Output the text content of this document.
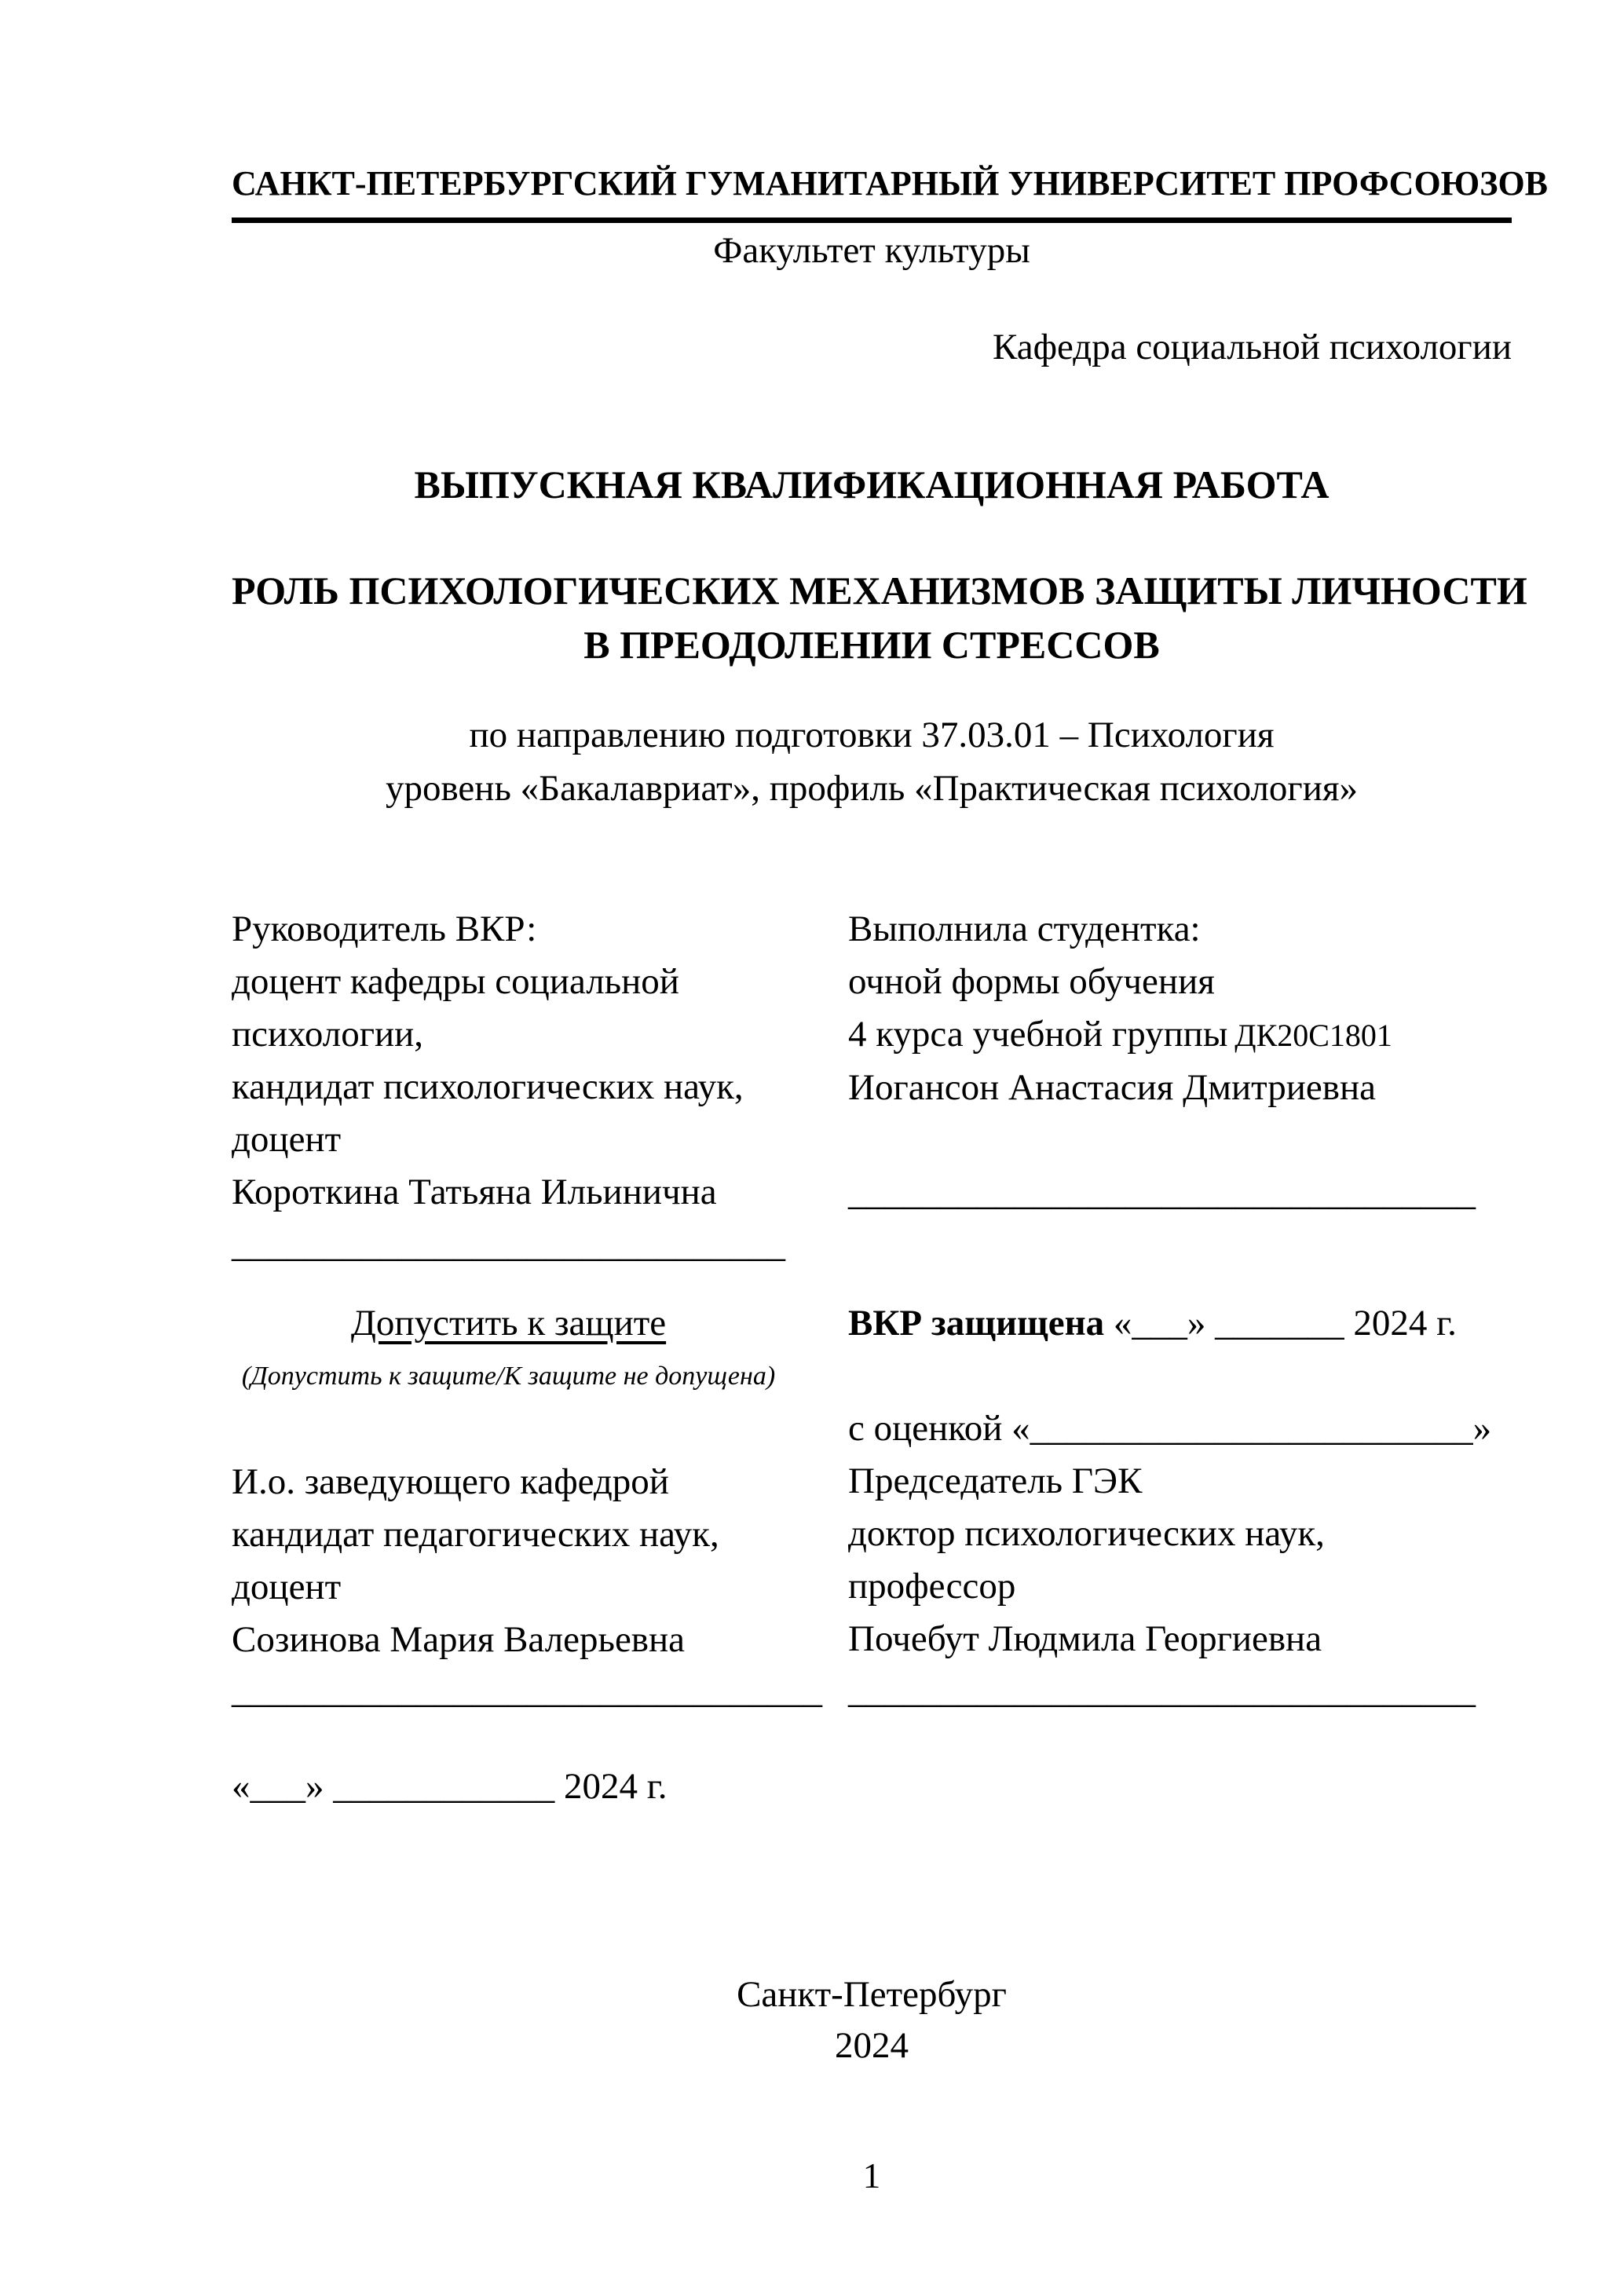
САНКТ-ПЕТЕРБУРГСКИЙ ГУМАНИТАРНЫЙ УНИВЕРСИТЕТ ПРОФСОЮЗОВ
Факультет культуры
Кафедра социальной психологии
ВЫПУСКНАЯ КВАЛИФИКАЦИОННАЯ РАБОТА
РОЛЬ ПСИХОЛОГИЧЕСКИХ МЕХАНИЗМОВ ЗАЩИТЫ ЛИЧНОСТИ
В ПРЕОДОЛЕНИИ СТРЕССОВ
по направлению подготовки 37.03.01 – Психология
уровень «Бакалавриат», профиль «Практическая психология»

Руководитель ВКР:

доцент кафедры социальной

психологии,

кандидат психологических наук,

доцент

Короткина Татьяна Ильинична

______________________________

Выполнила студентка:

очной формы обучения

4 курса учебной группы ДК20С1801

Иогансон Анастасия Дмитриевна

__________________________________

Допустить к защите

(Допустить к защите/К защите не допущена)

И.о. заведующего кафедрой

кандидат педагогических наук,

доцент

Созинова Мария Валерьевна

ВКР защищена «___» _______ 2024 г.

с оценкой «________________________»

Председатель ГЭК

доктор психологических наук,

профессор

Почебут Людмила Георгиевна

________________________________ __________________________________

«___» ____________ 2024 г.
Санкт-Петербург
2024
1
